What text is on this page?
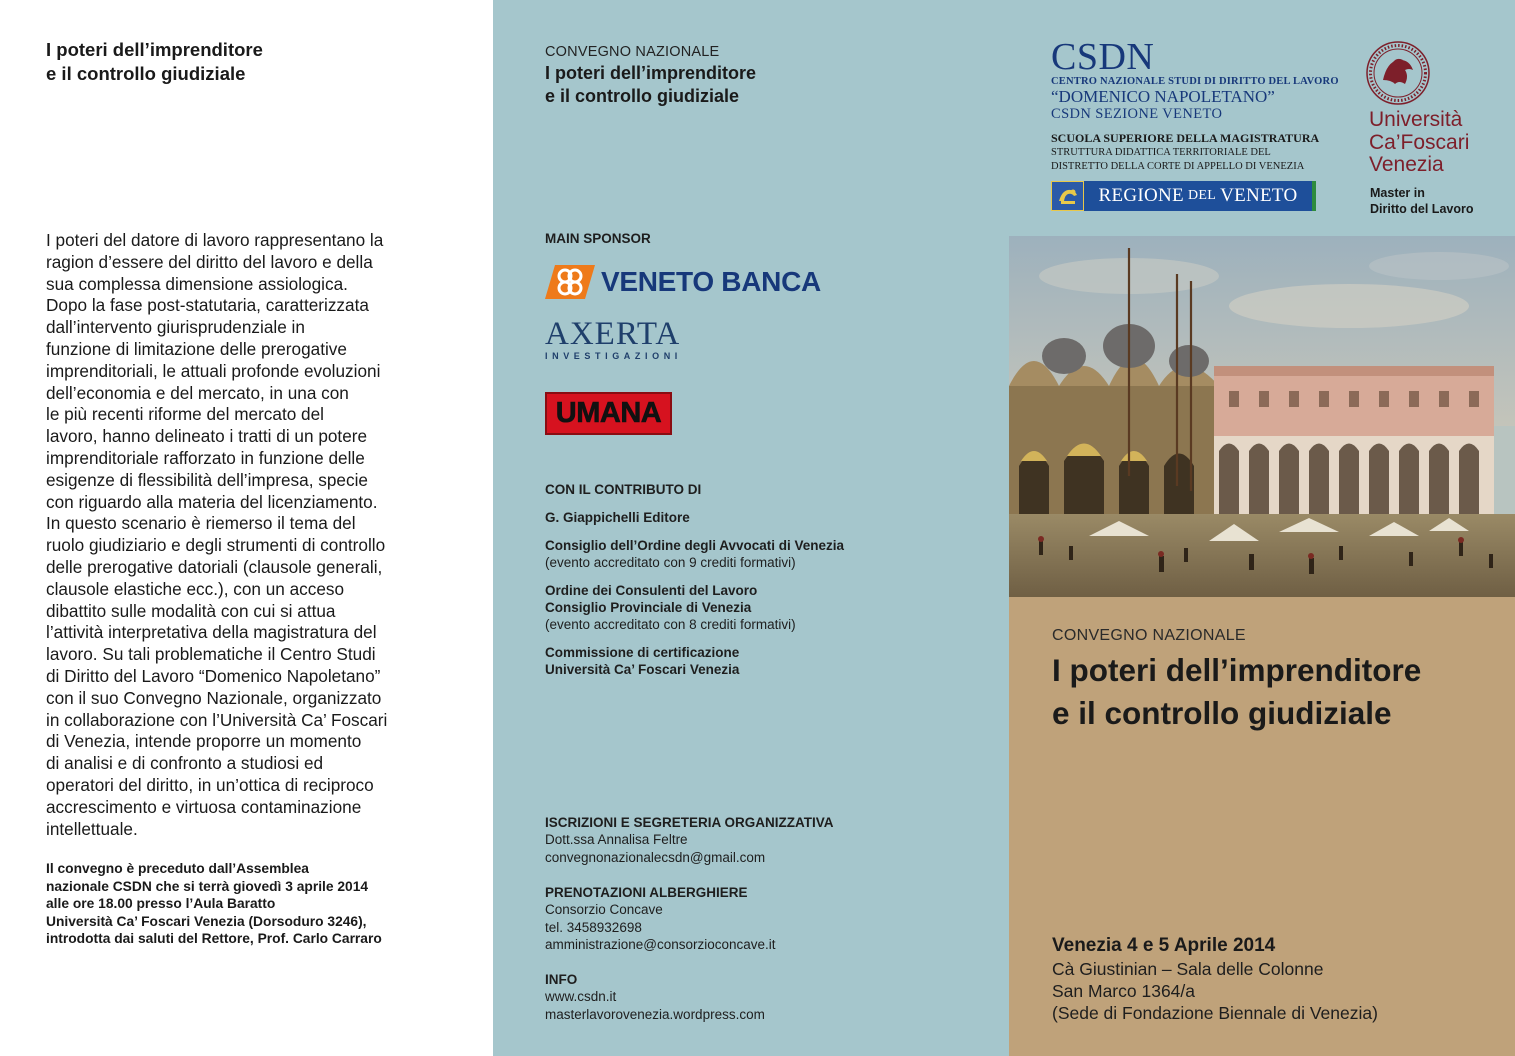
I poteri dell’imprenditore
e il controllo giudiziale
I poteri del datore di lavoro rappresentano la
ragion d’essere del diritto del lavoro e della
sua complessa dimensione assiologica.
Dopo la fase post-statutaria, caratterizzata
dall’intervento giurisprudenziale in
funzione di limitazione delle prerogative
imprenditoriali, le attuali profonde evoluzioni
dell’economia e del mercato, in una con
le più recenti riforme del mercato del
lavoro, hanno delineato i tratti di un potere
imprenditoriale rafforzato in funzione delle
esigenze di flessibilità dell’impresa, specie
con riguardo alla materia del licenziamento.
In questo scenario è riemerso il tema del
ruolo giudiziario e degli strumenti di controllo
delle prerogative datoriali (clausole generali,
clausole elastiche ecc.), con un acceso
dibattito sulle modalità con cui si attua
l’attività interpretativa della magistratura del
lavoro. Su tali problematiche il Centro Studi
di Diritto del Lavoro “Domenico Napoletano”
con il suo Convegno Nazionale, organizzato
in collaborazione con l’Università Ca’ Foscari
di Venezia, intende proporre un momento
di analisi e di confronto a studiosi ed
operatori del diritto, in un’ottica di reciproco
accrescimento e virtuosa contaminazione
intellettuale.
Il convegno è preceduto dall’Assemblea
nazionale CSDN che si terrà giovedì 3 aprile 2014
alle ore 18.00 presso l’Aula Baratto
Università Ca’ Foscari Venezia (Dorsoduro 3246),
introdotta dai saluti del Rettore, Prof. Carlo Carraro
CONVEGNO NAZIONALE
I poteri dell’imprenditore
e il controllo giudiziale
MAIN SPONSOR
VENETO BANCA
AXERTA
INVESTIGAZIONI
UMANA
CON IL CONTRIBUTO DI
G. Giappichelli Editore
Consiglio dell’Ordine degli Avvocati di Venezia
(evento accreditato con 9 crediti formativi)
Ordine dei Consulenti del Lavoro
Consiglio Provinciale di Venezia
(evento accreditato con 8 crediti formativi)
Commissione di certificazione
Università Ca’ Foscari Venezia
ISCRIZIONI E SEGRETERIA ORGANIZZATIVA
Dott.ssa Annalisa Feltre
convegnonazionalecsdn@gmail.com
PRENOTAZIONI ALBERGHIERE
Consorzio Concave
tel. 3458932698
amministrazione@consorzioconcave.it
INFO
www.csdn.it
masterlavorovenezia.wordpress.com
CSDN
CENTRO NAZIONALE STUDI DI DIRITTO DEL LAVORO
“DOMENICO NAPOLETANO”
CSDN SEZIONE VENETO
SCUOLA SUPERIORE DELLA MAGISTRATURA
STRUTTURA DIDATTICA TERRITORIALE DEL
DISTRETTO DELLA CORTE DI APPELLO DI VENEZIA
REGIONE DEL VENETO
Università
Ca’Foscari
Venezia
Master in
Diritto del Lavoro
CONVEGNO NAZIONALE
I poteri dell’imprenditore
e il controllo giudiziale
Venezia 4 e 5 Aprile 2014
Cà Giustinian – Sala delle Colonne
San Marco 1364/a
(Sede di Fondazione Biennale di Venezia)
